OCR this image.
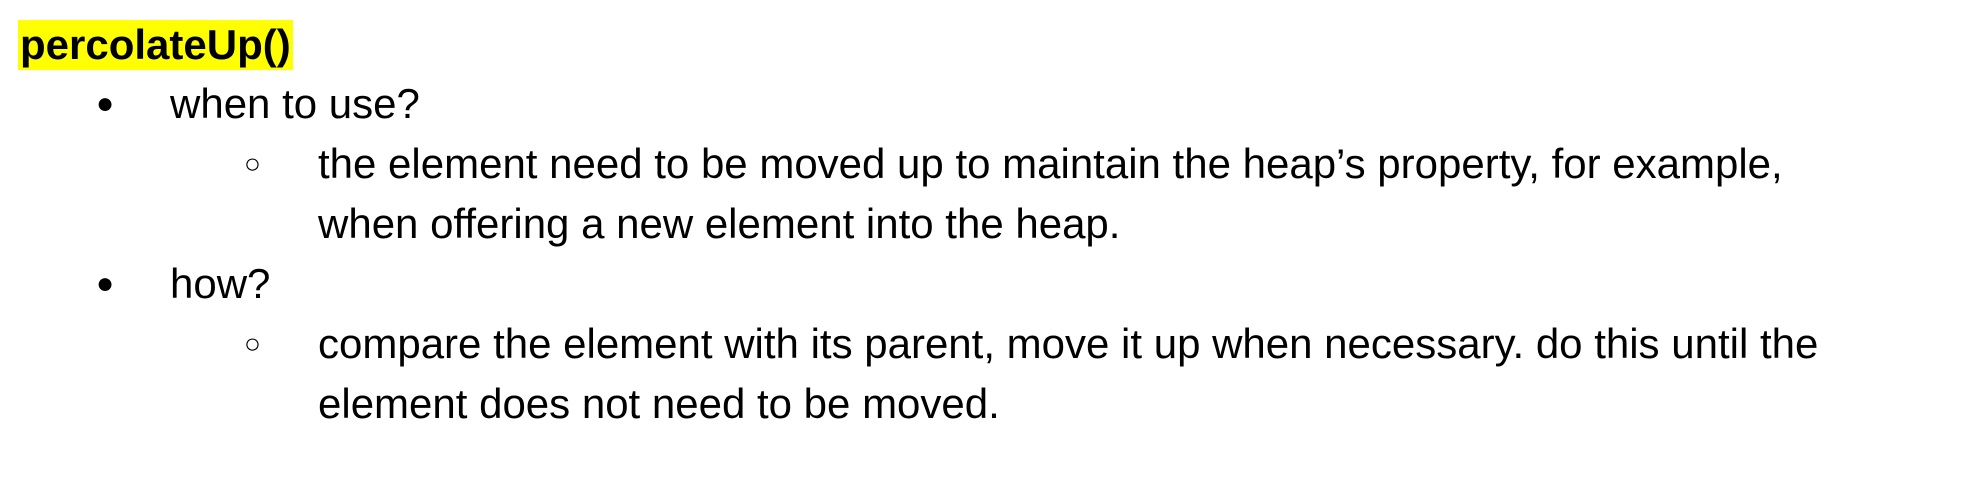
percolateUp()
● when to use?
○ the element need to be moved up to maintain the heap’s property, for example,
when offering a new element into the heap.
● how?
○ compare the element with its parent, move it up when necessary. do this until the
element does not need to be moved.
